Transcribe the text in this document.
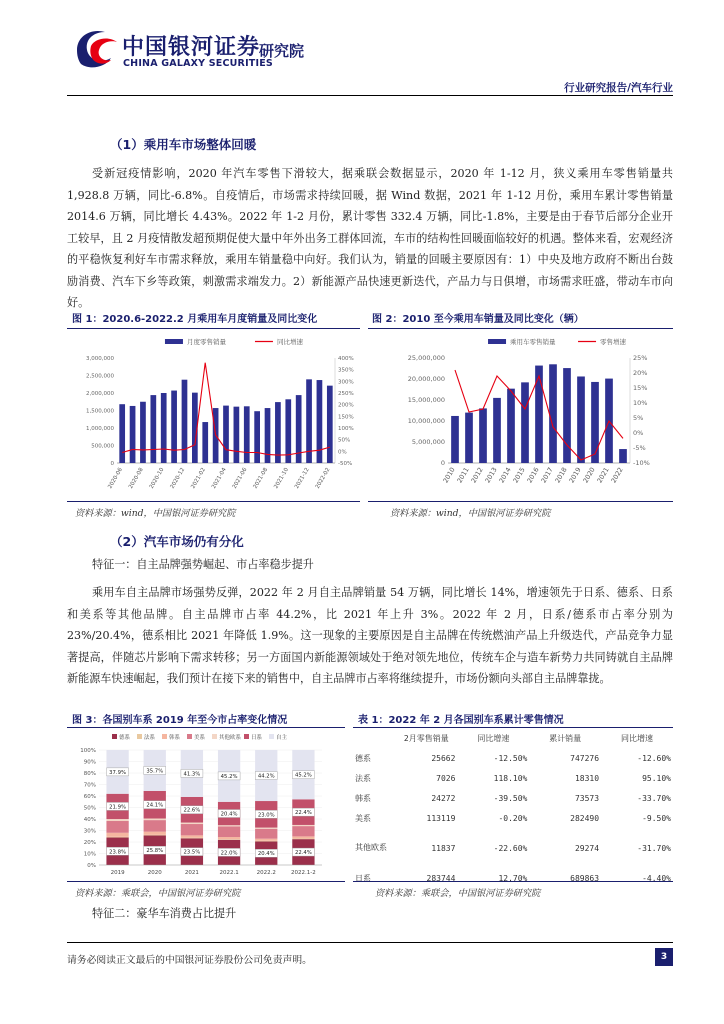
中国银河证券
CHINA GALAXY SECURITIES
研究院
行业研究报告/汽车行业
（1）乘用车市场整体回暖
受新冠疫情影响，2020 年汽车零售下滑较大，据乘联会数据显示，2020 年 1-12 月，狭义乘用车零售销量共 1,928.8 万辆，同比-6.8%。自疫情后，市场需求持续回暖，据 Wind 数据，2021 年 1-12 月份，乘用车累计零售销量 2014.6 万辆，同比增长 4.43%。2022 年 1-2 月份，累计零售 332.4 万辆，同比-1.8%，主要是由于春节后部分企业开工较早，且 2 月疫情散发超预期促使大量中年外出务工群体回流，车市的结构性回暖面临较好的机遇。整体来看，宏观经济的平稳恢复利好车市需求释放，乘用车销量稳中向好。我们认为，销量的回暖主要原因有：1）中央及地方政府不断出台鼓励消费、汽车下乡等政策，刺激需求端发力。2）新能源产品快速更新迭代，产品力与日俱增，市场需求旺盛，带动车市向好。
图 1：2020.6-2022.2 月乘用车月度销量及同比变化
月度零售销量	同比增速
0
500,000
1,000,000
1,500,000
2,000,000
2,500,000
3,000,000
-50%
0%
50%
100%
150%
200%
250%
300%
350%
400%
2020-06 2020-08 2020-10 2020-12 2021-02 2021-04 2021-06 2021-08 2021-10 2021-12 2022-02
资料来源：wind，中国银河证券研究院
图 2：2010 至今乘用车销量及同比变化（辆）
乘用车零售销量	零售增速
0
5,000,000
10,000,000
15,000,000
20,000,000
25,000,000
-10%
-5%
0%
5%
10%
15%
20%
25%
2010
2011
2012
2013
2014
2015
2016
2017
2018
2019
2020
2021
2022
资料来源：wind，中国银河证券研究院
（2）汽车市场仍有分化
特征一：自主品牌强势崛起、市占率稳步提升
乘用车自主品牌市场强势反弹，2022 年 2 月自主品牌销量 54 万辆，同比增长 14%，增速领先于日系、德系、日系和美系等其他品牌。自主品牌市占率 44.2%，比 2021 年上升 3%。2022 年 2 月，日系/德系市占率分别为 23%/20.4%，德系相比 2021 年降低 1.9%。这一现象的主要原因是自主品牌在传统燃油产品上升级迭代，产品竞争力显著提高，伴随芯片影响下需求转移；另一方面国内新能源领域处于绝对领先地位，传统车企与造车新势力共同铸就自主品牌新能源车快速崛起，我们预计在接下来的销售中，自主品牌市占率将继续提升，市场份额向头部自主品牌靠拢。
图 3：各国别车系 2019 年至今市占率变化情况
德系	法系	韩系	美系	其他欧系 日系	自主
0%
10%
20%
30%
40%
50%
60%
70%
80%
90%
100%
23.8%
21.9%
37.9%
2019
25.8%
24.1%
35.7%
2020
23.5%
22.6%
41.3%
2021
22.0%
20.4%
45.2%
2022.1
20.4%
23.0%
44.2%
2022.2
22.4%
22.4%
45.2%
2022.1-2
资料来源：乘联会，中国银河证券研究院
表 1：2022 年 2 月各国别车系累计零售情况
	2月零售销量	同比增速	累计销量	同比增速
德系	25662	-12.50%	747276	-12.60%
法系	7026	118.10%	18310	95.10%
韩系	24272	-39.50%	73573	-33.70%
美系	113119	-0.20%	282490	-9.50%
其他欧系	11837	-22.60%	29274	-31.70%
日系	283744	12.70%	689863	-4.40%
资料来源：乘联会，中国银河证券研究院
特征二：豪华车消费占比提升
请务必阅读正文最后的中国银河证券股份公司免责声明。	3
